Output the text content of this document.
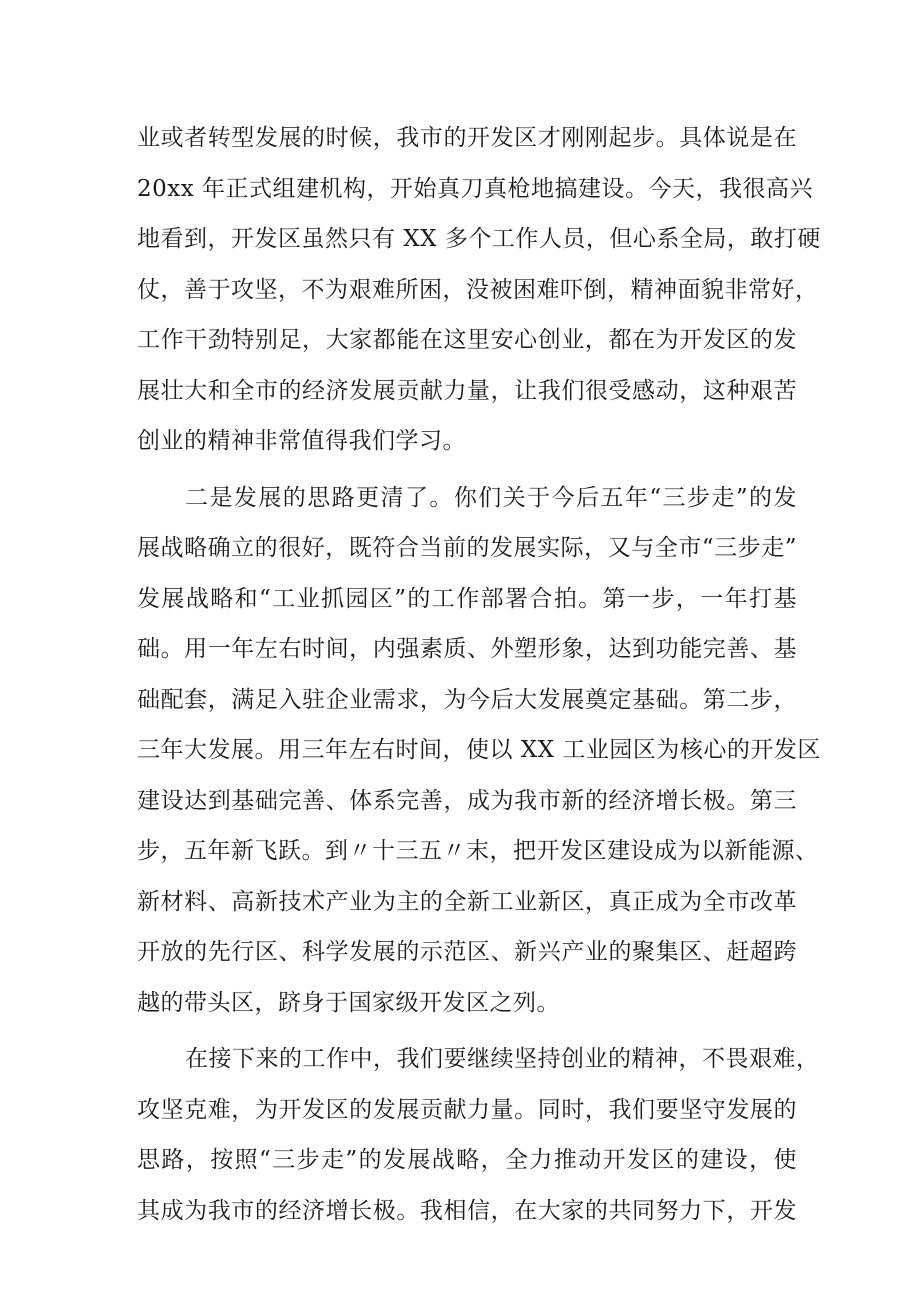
业或者转型发展的时候，我市的开发区才刚刚起步。具体说是在
20xx 年正式组建机构，开始真刀真枪地搞建设。今天，我很高兴
地看到，开发区虽然只有 XX 多个工作人员，但心系全局，敢打硬
仗，善于攻坚，不为艰难所困，没被困难吓倒，精神面貌非常好，
工作干劲特别足，大家都能在这里安心创业，都在为开发区的发
展壮大和全市的经济发展贡献力量，让我们很受感动，这种艰苦
创业的精神非常值得我们学习。
二是发展的思路更清了。你们关于今后五年“三步走”的发
展战略确立的很好，既符合当前的发展实际，又与全市“三步走”
发展战略和“工业抓园区”的工作部署合拍。第一步，一年打基
础。用一年左右时间，内强素质、外塑形象，达到功能完善、基
础配套，满足入驻企业需求，为今后大发展奠定基础。第二步，
三年大发展。用三年左右时间，使以 XX 工业园区为核心的开发区
建设达到基础完善、体系完善，成为我市新的经济增长极。第三
步，五年新飞跃。到〃十三五〃末，把开发区建设成为以新能源、
新材料、高新技术产业为主的全新工业新区，真正成为全市改革
开放的先行区、科学发展的示范区、新兴产业的聚集区、赶超跨
越的带头区，跻身于国家级开发区之列。
在接下来的工作中，我们要继续坚持创业的精神，不畏艰难，
攻坚克难，为开发区的发展贡献力量。同时，我们要坚守发展的
思路，按照“三步走”的发展战略，全力推动开发区的建设，使
其成为我市的经济增长极。我相信，在大家的共同努力下，开发
